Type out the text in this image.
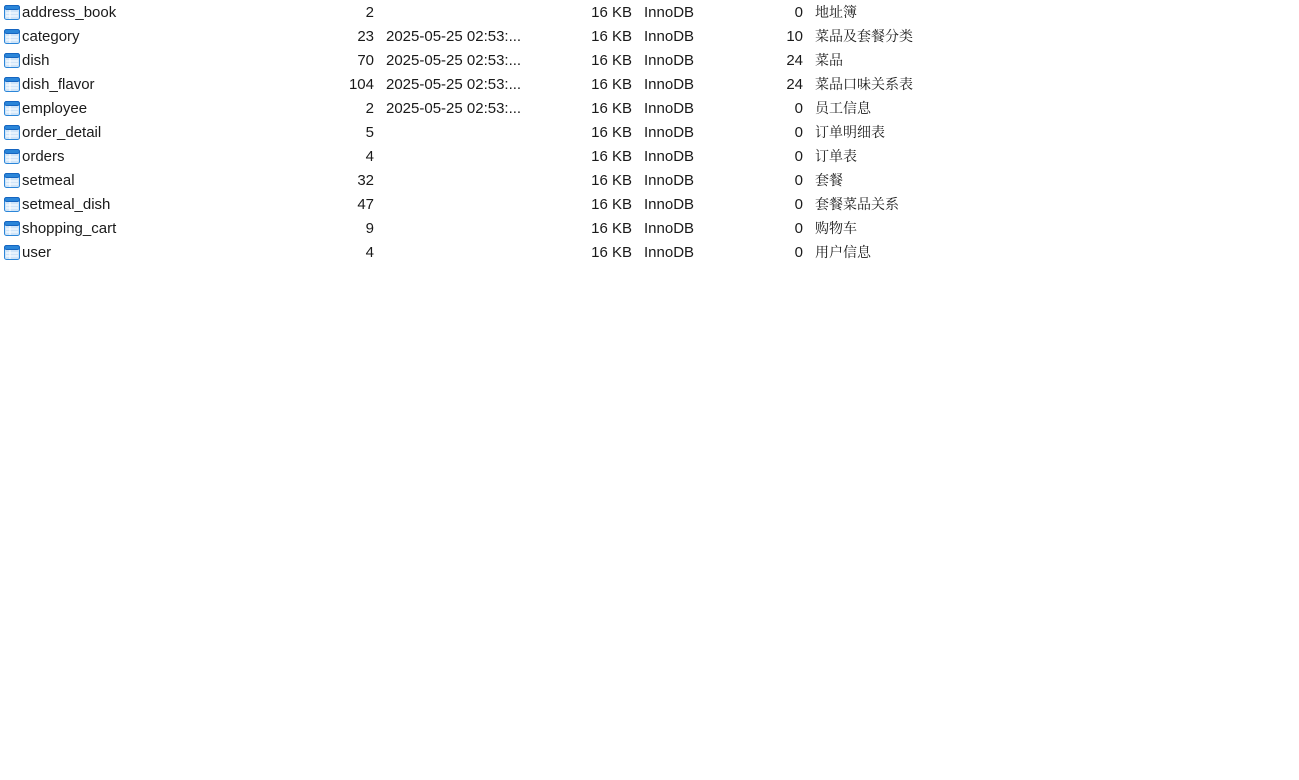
address_book	2	16 KB InnoDB	0 地址簿
category	23 2025-05-25 02:53:...	16 KB InnoDB	10 菜品及套餐分类
dish	70 2025-05-25 02:53:...	16 KB InnoDB	24 菜品
dish_flavor	104 2025-05-25 02:53:...	16 KB InnoDB	24 菜品口味关系表
employee	2 2025-05-25 02:53:...	16 KB InnoDB	0 员工信息
order_detail	5	16 KB InnoDB	0 订单明细表
orders	4	16 KB InnoDB	0 订单表
setmeal	32	16 KB InnoDB	0 套餐
setmeal_dish	47	16 KB InnoDB	0 套餐菜品关系
shopping_cart	9	16 KB InnoDB	0 购物车
user	4	16 KB InnoDB	0 用户信息
